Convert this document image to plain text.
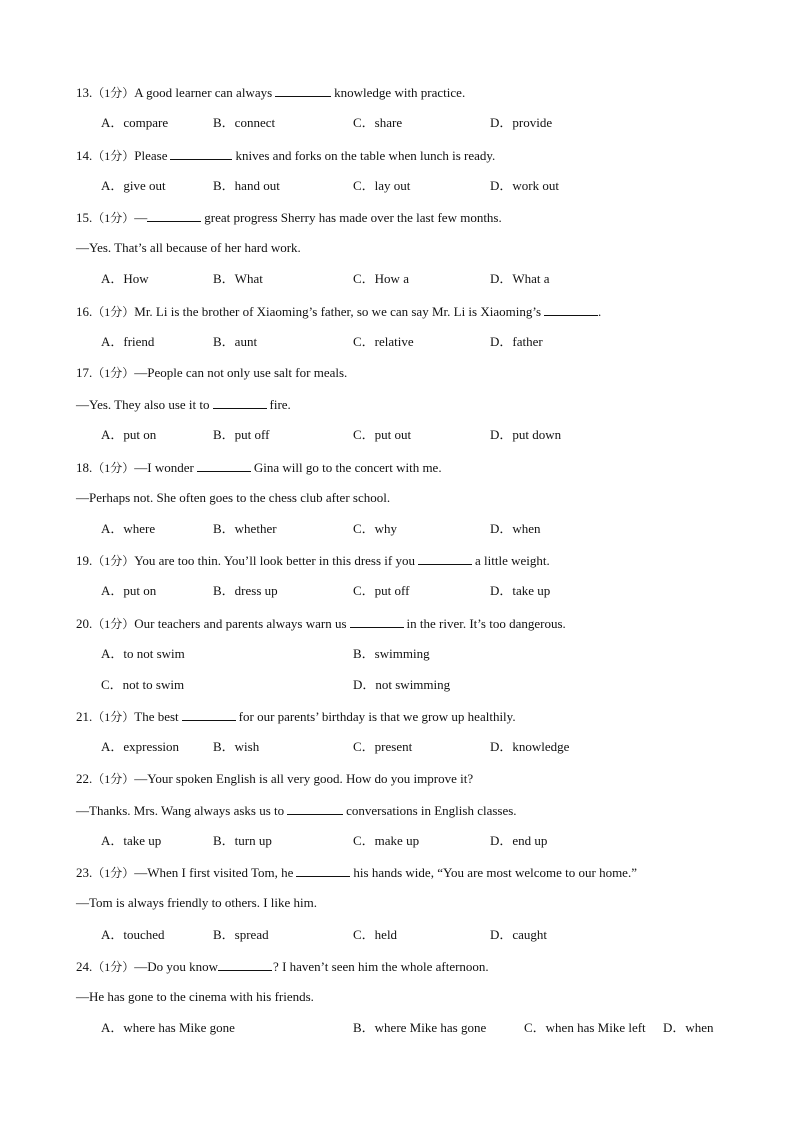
13.（1分）A good learner can always	knowledge with practice.
A．compare	B．connect	C．share	D．provide
14.（1分）Please	knives and forks on the table when lunch is ready.
A．give out	B．hand out	C．lay out	D．work out
15.（1分）—	great progress Sherry has made over the last few months.
—Yes. That’s all because of her hard work.
A．How	B．What	C．How a	D．What a
16.（1分）Mr. Li is the brother of Xiaoming’s father, so we can say Mr. Li is Xiaoming’s	.
A．friend	B．aunt	C．relative	D．father
17.（1分）—People can not only use salt for meals.
—Yes. They also use it to	fire.
A．put on	B．put off	C．put out	D．put down
18.（1分）—I wonder	Gina will go to the concert with me.
—Perhaps not. She often goes to the chess club after school.
A．where	B．whether	C．why	D．when
19.（1分）You are too thin. You’ll look better in this dress if you	a little weight.
A．put on	B．dress up	C．put off	D．take up
20.（1分）Our teachers and parents always warn us	in the river. It’s too dangerous.
A．to not swim	B．swimming
C．not to swim	D．not swimming
21.（1分）The best	for our parents’ birthday is that we grow up healthily.
A．expression	B．wish	C．present	D．knowledge
22.（1分）—Your spoken English is all very good. How do you improve it?
—Thanks. Mrs. Wang always asks us to	conversations in English classes.
A．take up	B．turn up	C．make up	D．end up
23.（1分）—When I first visited Tom, he	his hands wide, “You are most welcome to our home.”
—Tom is always friendly to others. I like him.
A．touched	B．spread	C．held	D．caught
24.（1分）—Do you know	? I haven’t seen him the whole afternoon.
—He has gone to the cinema with his friends.
A．where has Mike gone	B．where Mike has gone	C．when has Mike left D．when
